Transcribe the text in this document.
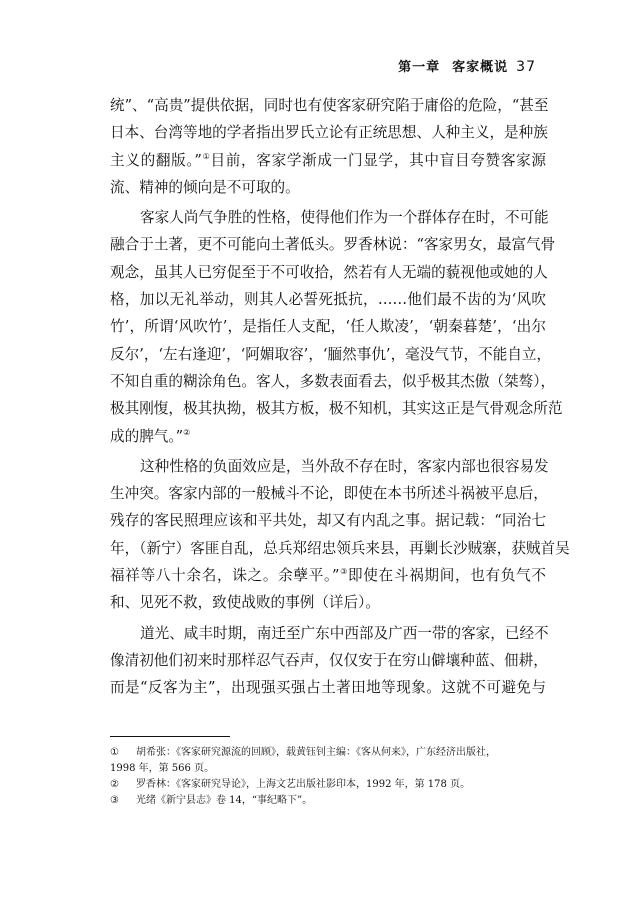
第一章 客家概说 37
统”、“高贵”提供依据，同时也有使客家研究陷于庸俗的危险，“甚至
日本、台湾等地的学者指出罗氏立论有正统思想、人种主义，是种族
主义的翻版。”①目前，客家学渐成一门显学，其中盲目夸赞客家源
流、精神的倾向是不可取的。
客家人尚气争胜的性格，使得他们作为一个群体存在时，不可能
融合于土著，更不可能向土著低头。罗香林说：“客家男女，最富气骨
观念，虽其人已穷促至于不可收拾，然若有人无端的藐视他或她的人
格，加以无礼举动，则其人必誓死抵抗，……他们最不齿的为‘风吹
竹’，所谓‘风吹竹’，是指任人支配，‘任人欺凌’，‘朝秦暮楚’，‘出尔
反尔’，‘左右逢迎’，‘阿媚取容’，‘腼然事仇’，毫没气节，不能自立，
不知自重的糊涂角色。客人，多数表面看去，似乎极其杰傲（桀骜），
极其刚愎，极其执拗，极其方板，极不知机，其实这正是气骨观念所范
成的脾气。”②
这种性格的负面效应是，当外敌不存在时，客家内部也很容易发
生冲突。客家内部的一般械斗不论，即使在本书所述斗祸被平息后，
残存的客民照理应该和平共处，却又有内乱之事。据记载：“同治七
年，（新宁）客匪自乱，总兵郑绍忠领兵来县，再剿长沙贼寨，获贼首吴
福祥等八十余名，诛之。余孽平。”③即使在斗祸期间，也有负气不
和、见死不救，致使战败的事例（详后）。
道光、咸丰时期，南迁至广东中西部及广西一带的客家，已经不
像清初他们初来时那样忍气吞声，仅仅安于在穷山僻壤种蓝、佃耕，
而是“反客为主”，出现强买强占土著田地等现象。这就不可避免与
① 胡希张：《客家研究源流的回顾》，载黄钰钊主编：《客从何来》，广东经济出版社，
1998 年，第 566 页。
② 罗香林：《客家研究导论》，上海文艺出版社影印本，1992 年，第 178 页。
③ 光绪《新宁县志》卷 14，“事纪略下”。
